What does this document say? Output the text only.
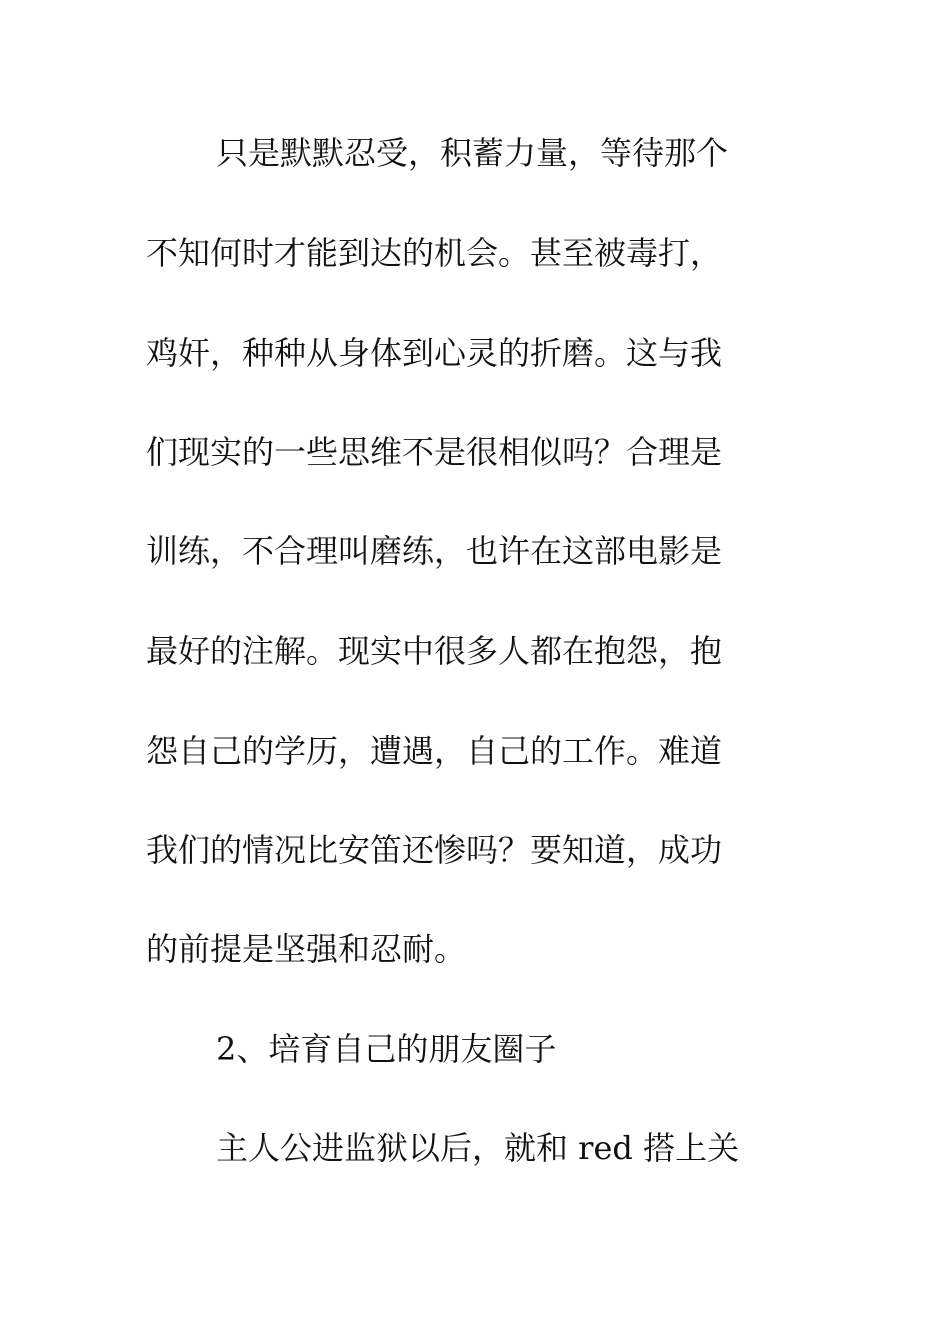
只是默默忍受，积蓄力量，等待那个

不知何时才能到达的机会。甚至被毒打，

鸡奸，种种从身体到心灵的折磨。这与我

们现实的一些思维不是很相似吗？合理是

训练，不合理叫磨练，也许在这部电影是

最好的注解。现实中很多人都在抱怨，抱

怨自己的学历，遭遇，自己的工作。难道

我们的情况比安笛还惨吗？要知道，成功

的前提是坚强和忍耐。

2、培育自己的朋友圈子

主人公进监狱以后，就和 red 搭上关
